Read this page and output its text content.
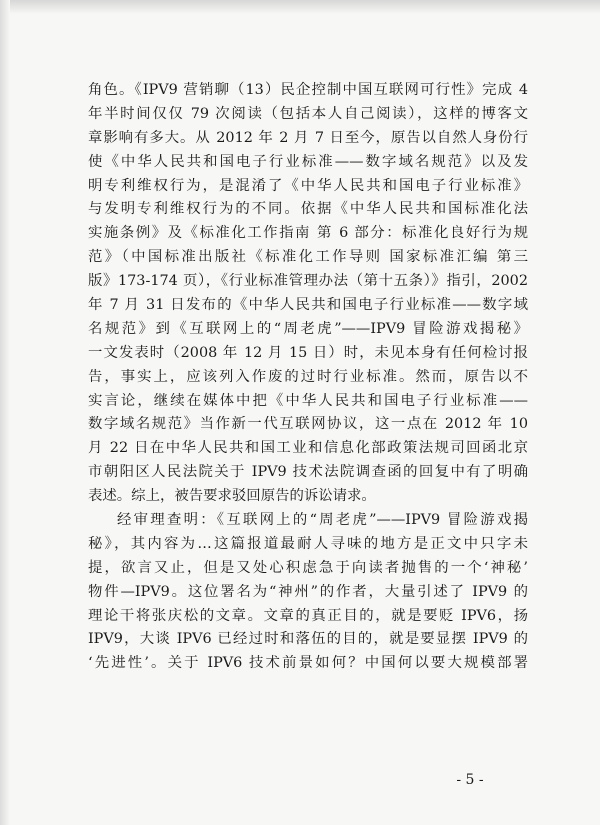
角色。《IPV9 营销聊（13）民企控制中国互联网可行性》完成 4
年半时间仅仅 79 次阅读（包括本人自己阅读），这样的博客文
章影响有多大。从 2012 年 2 月 7 日至今，原告以自然人身份行
使《中华人民共和国电子行业标准——数字域名规范》以及发
明专利维权行为，是混淆了《中华人民共和国电子行业标准》
与发明专利维权行为的不同。依据《中华人民共和国标准化法
实施条例》及《标准化工作指南 第 6 部分：标准化良好行为规
范》（中国标准出版社《标准化工作导则 国家标准汇编 第三
版》173-174 页），《行业标准管理办法（第十五条）》指引，2002
年 7 月 31 日发布的《中华人民共和国电子行业标准——数字域
名规范》到《互联网上的“周老虎”——IPV9 冒险游戏揭秘》
一文发表时（2008 年 12 月 15 日）时，未见本身有任何检讨报
告，事实上，应该列入作废的过时行业标准。然而，原告以不
实言论，继续在媒体中把《中华人民共和国电子行业标准——
数字域名规范》当作新一代互联网协议，这一点在 2012 年 10
月 22 日在中华人民共和国工业和信息化部政策法规司回函北京
市朝阳区人民法院关于 IPV9 技术法院调查函的回复中有了明确
表述。综上，被告要求驳回原告的诉讼请求。
经审理查明：《互联网上的“周老虎”——IPV9 冒险游戏揭
秘》，其内容为…这篇报道最耐人寻味的地方是正文中只字未
提，欲言又止，但是又处心积虑急于向读者抛售的一个‘神秘’
物件—IPV9。这位署名为“神州”的作者，大量引述了 IPV9 的
理论干将张庆松的文章。文章的真正目的，就是要贬 IPV6，扬
IPV9，大谈 IPV6 已经过时和落伍的目的，就是要显摆 IPV9 的
‘先进性’。关于 IPV6 技术前景如何？中国何以要大规模部署
- 5 -
